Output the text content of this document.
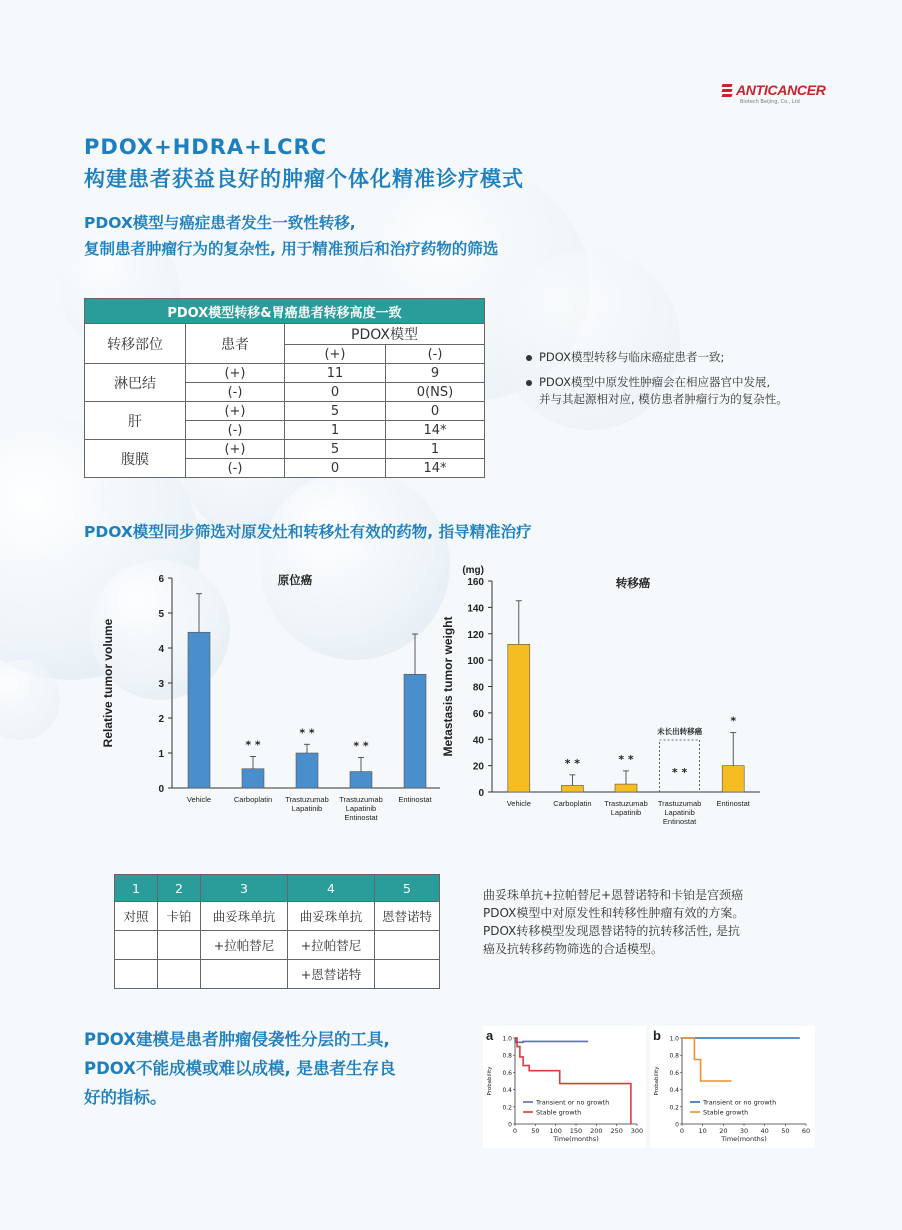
ANTICANCER
Biotech Beijing, Co., Ltd
PDOX+HDRA+LCRC
构建患者获益良好的肿瘤个体化精准诊疗模式
PDOX模型与癌症患者发生一致性转移,
复制患者肿瘤行为的复杂性, 用于精准预后和治疗药物的筛选
PDOX模型转移&胃癌患者转移高度一致			
转移部位	患者	PDOX模型	
		(+)	(-)
淋巴结	(+)	11	9
	(-)	0	0(NS)
肝	(+)	5	0
	(-)	1	14*
腹膜	(+)	5	1
	(-)	0	14*
PDOX模型转移与临床癌症患者一致;
PDOX模型中原发性肿瘤会在相应器官中发展,
并与其起源相对应, 模仿患者肿瘤行为的复杂性。
PDOX模型同步筛选对原发灶和转移灶有效的药物, 指导精准治疗
0
1
2
3
4
5
6	原位癌
Relative tumor volume
Vehicle
* *
Carboplatin
* *
Trastuzumab
Lapatinib
* *
Trastuzumab
Lapatinib
Entinostat
Entinostat
0
20
40
60
80
100
120
140
160	转移癌
Metastasis tumor weight
(mg)
Vehicle
* *
Carboplatin
* *
Trastuzumab
Lapatinib
* *
Trastuzumab
Lapatinib
Entinostat
*
Entinostat
未长出转移癌
1	2	3	4	5
对照	卡铂	曲妥珠单抗	曲妥珠单抗	恩替诺特
		+拉帕替尼	+拉帕替尼	
			+恩替诺特	
曲妥珠单抗+拉帕替尼+恩替诺特和卡铂是宫颈癌
PDOX模型中对原发性和转移性肿瘤有效的方案。
PDOX转移模型发现恩替诺特的抗转移活性, 是抗
癌及抗转移药物筛选的合适模型。
PDOX建模是患者肿瘤侵袭性分层的工具,
PDOX不能成模或难以成模, 是患者生存良
好的指标。
a
0
0.2
0.4
0.6
0.8
1.0
0 50 100 150 200 250 300
Time(months)
Probability
Transient or no growth
Stable growth
b
0
0.2
0.4
0.6
0.8
1.0
0 10 20 30 40 50 60
Time(months)
Probability
Transient or no growth
Stable growth
